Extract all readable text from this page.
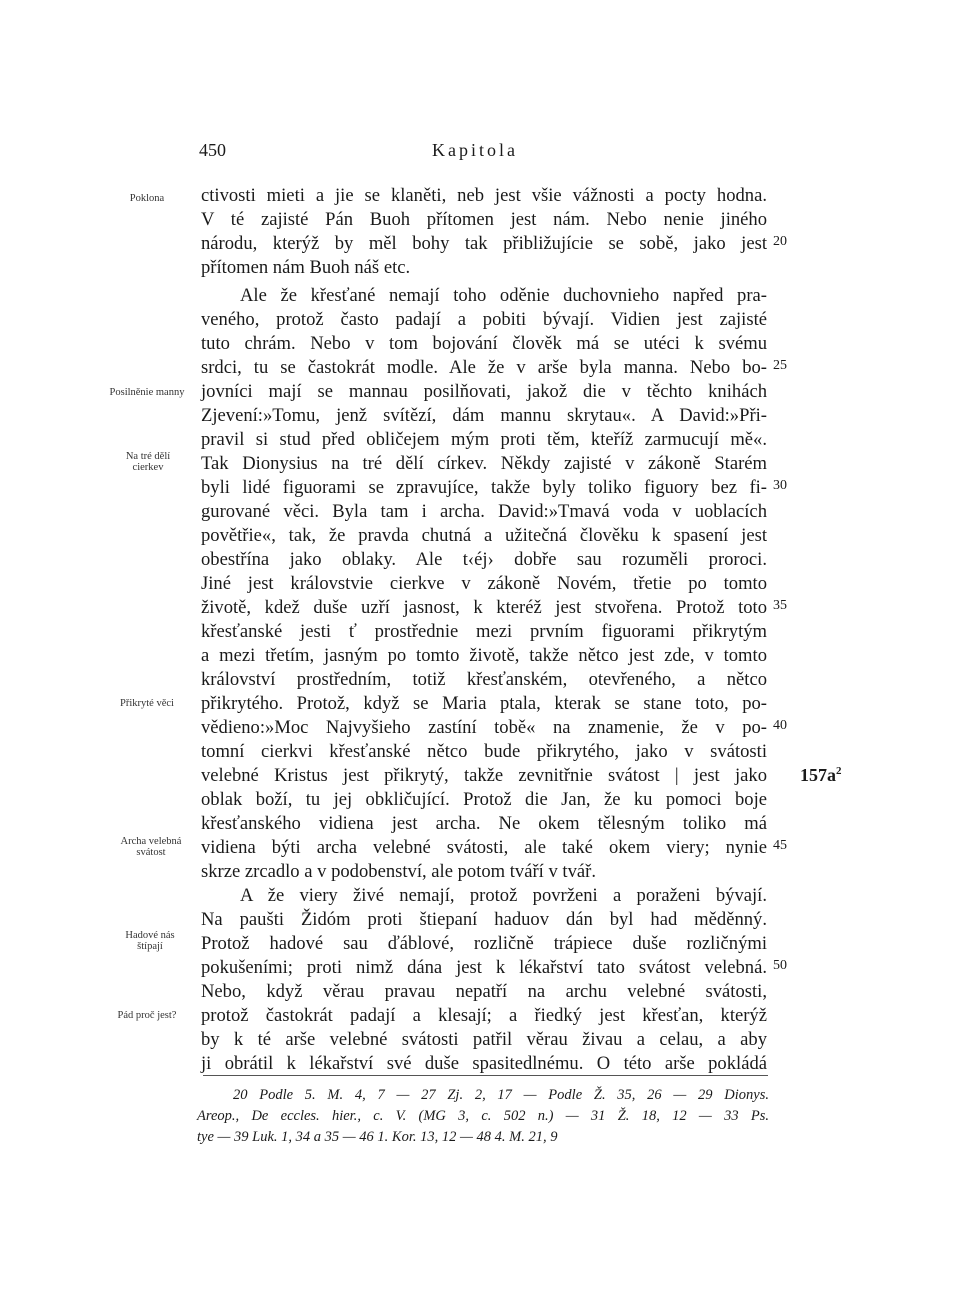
450	Kapitola
ctivosti mieti a jie se klaněti, neb jest všie vážnosti a pocty hodna.
V té zajisté Pán Buoh přítomen jest nám. Nebo nenie jiného
národu, kterýž by měl bohy tak přibližujície se sobě, jako jest
přítomen nám Buoh náš etc.
Ale že křesťané nemají toho oděnie duchovnieho napřed pra-
veného, protož často padají a pobiti bývají. Vidien jest zajisté
tuto chrám. Nebo v tom bojování člověk má se utéci k svému
srdci, tu se častokrát modle. Ale že v arše byla manna. Nebo bo-
jovníci mají se mannau posilňovati, jakož die v těchto knihách
Zjevení:»Tomu, jenž svítězí, dám mannu skrytau«. A David:»Při-
pravil si stud před obličejem mým proti těm, kteříž zarmucují mě«.
Tak Dionysius na tré dělí církev. Někdy zajisté v zákoně Starém
byli lidé figuorami se zpravujíce, takže byly toliko figuory bez fi-
gurované věci. Byla tam i archa. David:»Tmavá voda v uoblacích
povětřie«, tak, že pravda chutná a užitečná člověku k spasení jest
obestřína jako oblaky. Ale t‹éj› dobře sau rozuměli proroci.
Jiné jest královstvie cierkve v zákoně Novém, třetie po tomto
životě, kdež duše uzří jasnost, k kteréž jest stvořena. Protož toto
křesťanské jesti ť prostřednie mezi prvním figuorami přikrytým
a mezi třetím, jasným po tomto životě, takže nětco jest zde, v tomto
království prostředním, totiž křesťanském, otevřeného, a nětco
přikrytého. Protož, když se Maria ptala, kterak se stane toto, po-
vědieno:»Moc Najvyšieho zastíní tobě« na znamenie, že v po-
tomní cierkvi křesťanské nětco bude přikrytého, jako v svátosti
velebné Kristus jest přikrytý, takže zevnitřnie svátost | jest jako
oblak boží, tu jej obkličující. Protož die Jan, že ku pomoci boje
křesťanského vidiena jest archa. Ne okem tělesným toliko má
vidiena býti archa velebné svátosti, ale také okem viery; nynie
skrze zrcadlo a v podobenství, ale potom tváří v tvář.
A že viery živé nemají, protož povrženi a poraženi bývají.
Na paušti Židóm proti štiepaní haduov dán byl had měděnný.
Protož hadové sau ďáblové, rozličně trápiece duše rozličnými
pokušeními; proti nimž dána jest k lékařství tato svátost velebná.
Nebo, když věrau pravau nepatří na archu velebné svátosti,
protož častokrát padají a klesají; a řiedký jest křesťan, kterýž
by k té arše velebné svátosti patřil věrau živau a celau, a aby
ji obrátil k lékařství své duše spasitedlnému. O této arše pokládá
Poklona
Posilněnie manny
Na tré dělí cierkev
Přikryté věci
Archa velebná svátost
Hadové nás štípají
Pád proč jest?
20
25
30
35
40
45
50
$157a^2$
20 Podle 5. M. 4, 7 — 27 Zj. 2, 17 — Podle Ž. 35, 26 — 29 Dionys.
Areop., De eccles. hier., c. V. (MG 3, c. 502 n.) — 31 Ž. 18, 12 — 33 Ps.
tye — 39 Luk. 1, 34 a 35 — 46 1. Kor. 13, 12 — 48 4. M. 21, 9
